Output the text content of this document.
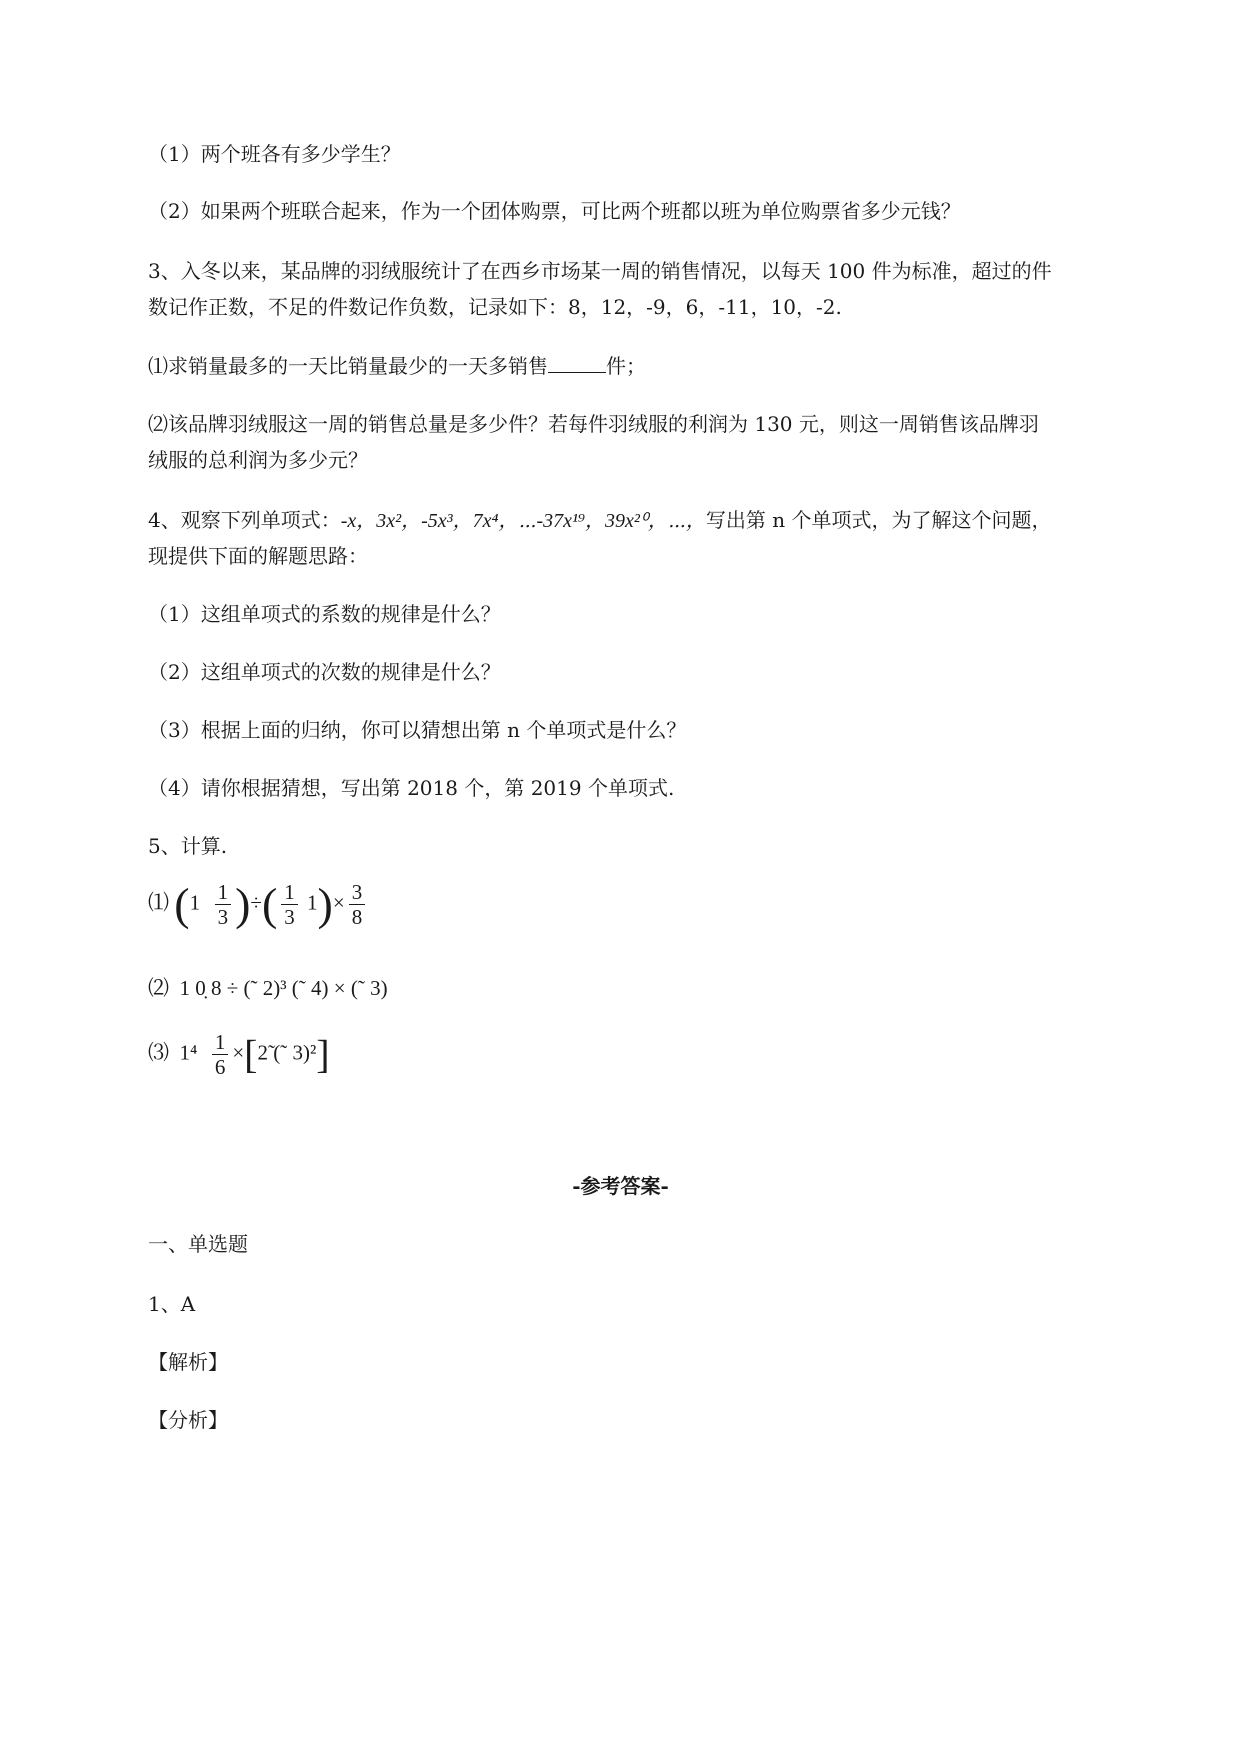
（1）两个班各有多少学生？
（2）如果两个班联合起来，作为一个团体购票，可比两个班都以班为单位购票省多少元钱？
3、入冬以来，某品牌的羽绒服统计了在西乡市场某一周的销售情况，以每天 100 件为标准，超过的件
数记作正数，不足的件数记作负数，记录如下：8，12，-9，6，-11，10，-2.
⑴求销量最多的一天比销量最少的一天多销售	件；
⑵该品牌羽绒服这一周的销售总量是多少件？若每件羽绒服的利润为 130 元，则这一周销售该品牌羽
绒服的总利润为多少元？
4、观察下列单项式：-x，3x²，-5x³，7x⁴，⋯-37x¹⁹，39x²⁰，⋯，写出第 n 个单项式，为了解这个问题，
现提供下面的解题思路：
（1）这组单项式的系数的规律是什么？
（2）这组单项式的次数的规律是什么？
（3）根据上面的归纳，你可以猜想出第 n 个单项式是什么？
（4）请你根据猜想，写出第 2018 个，第 2019 个单项式.
5、计算.
⑴ ($1 \frac{1}{3}$ )÷( $\frac{1}{3} 1)\times \frac{3}{8}$
⑵ 1 0̣ 8 ÷ (˜ 2)³ (˜ 4) × (˜ 3)
⑶ $1^4 \frac{1}{6}$ ×[2̃ (˜ 3)²]
-参考答案-
一、单选题
1、A
【解析】
【分析】
